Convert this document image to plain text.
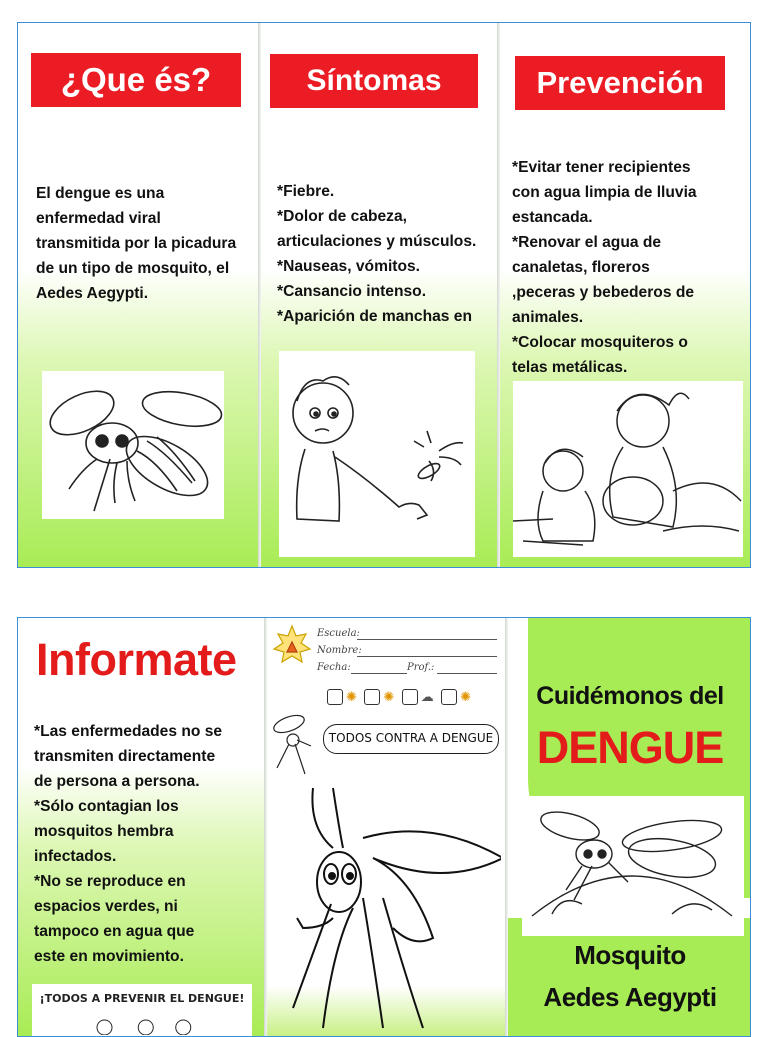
¿Que és?
El dengue es una
enfermedad viral
transmitida por la picadura
de un tipo de mosquito, el
Aedes Aegypti.
Síntomas
*Fiebre.
*Dolor de cabeza,
articulaciones y músculos.
*Nauseas, vómitos.
*Cansancio intenso.
*Aparición de manchas en
Prevención
*Evitar tener recipientes
con agua limpia de lluvia
estancada.
*Renovar el agua de
canaletas, floreros
,peceras y bebederos de
animales.
*Colocar mosquiteros o
telas metálicas.
Informate
*Las enfermedades no se
transmiten directamente
de persona a persona.
*Sólo contagian los
mosquitos hembra
infectados.
*No se reproduce en
espacios verdes, ni
tampoco en agua que
este en movimiento.
¡TODOS A PREVENIR EL DENGUE!
Escuela:
Nombre:
Fecha:	Prof.:
✺ ✺ ☁ ✺
TODOS CONTRA A DENGUE
Cuidémonos del
DENGUE
Mosquito
Aedes Aegypti
